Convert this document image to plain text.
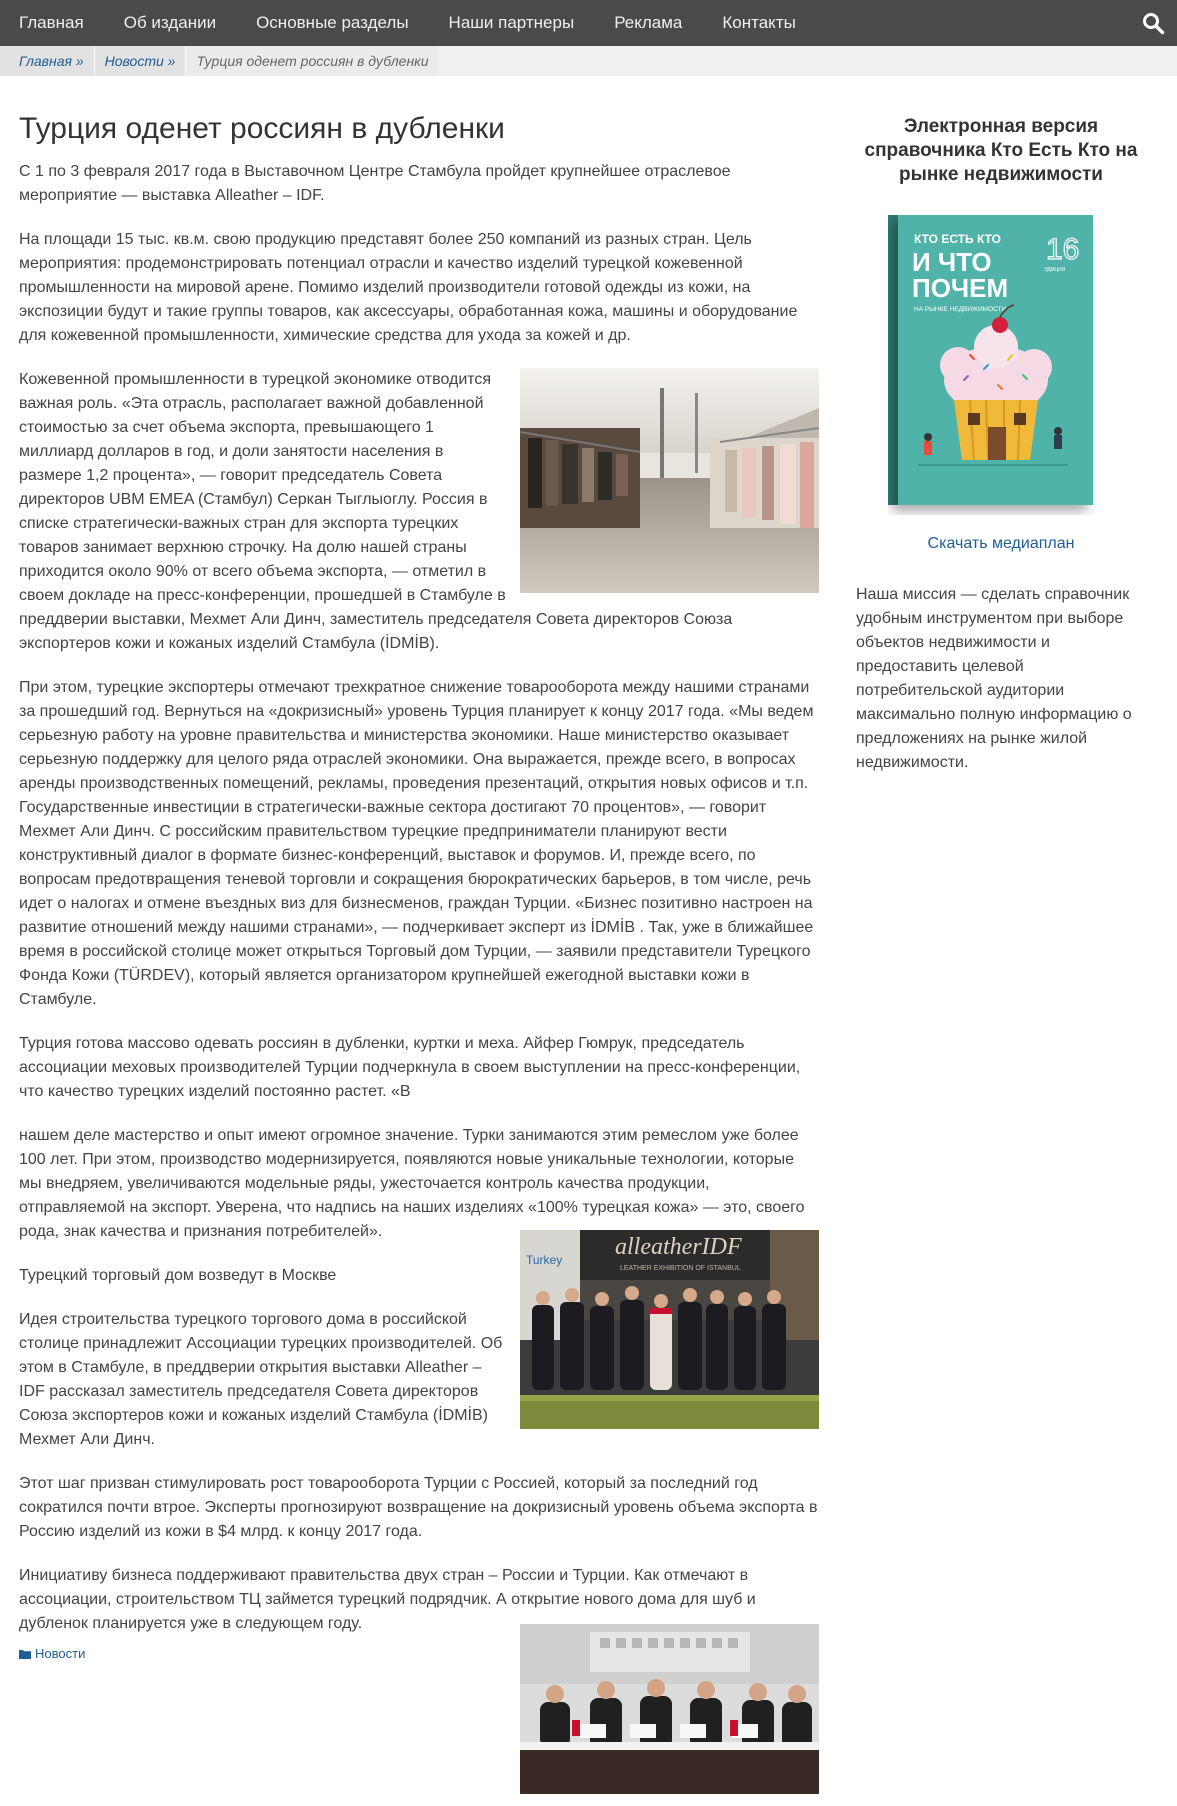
Главная	Об издании	Основные разделы	Наши партнеры	Реклама	Контакты
Главная »	Новости »	Турция оденет россиян в дубленки
Турция оденет россиян в дубленки

С 1 по 3 февраля 2017 года в Выставочном Центре Стамбула пройдет крупнейшее отраслевое мероприятие — выставка Alleather – IDF.

На площади 15 тыс. кв.м. свою продукцию представят более 250 компаний из разных стран. Цель мероприятия: продемонстрировать потенциал отрасли и качество изделий турецкой кожевенной промышленности на мировой арене. Помимо изделий производители готовой одежды из кожи, на экспозиции будут и такие группы товаров, как аксессуары, обработанная кожа, машины и оборудование для кожевенной промышленности, химические средства для ухода за кожей и др.

Кожевенной промышленности в турецкой экономике отводится важная роль. «Эта отрасль, располагает важной добавленной стоимостью за счет объема экспорта, превышающего 1 миллиард долларов в год, и доли занятости населения в размере 1,2 процента», — говорит председатель Совета директоров UBM EMEA (Стамбул) Серкан Тыглыоглу. Россия в списке стратегически-важных стран для экспорта турецких товаров занимает верхнюю строчку. На долю нашей страны приходится около 90% от всего объема экспорта, — отметил в своем докладе на пресс-конференции, прошедшей в Стамбуле в преддверии выставки, Мехмет Али Динч, заместитель председателя Совета директоров Союза экспортеров кожи и кожаных изделий Стамбула (İDMİB).

При этом, турецкие экспортеры отмечают трехкратное снижение товарооборота между нашими странами за прошедший год. Вернуться на «докризисный» уровень Турция планирует к концу 2017 года. «Мы ведем серьезную работу на уровне правительства и министерства экономики. Наше министерство оказывает серьезную поддержку для целого ряда отраслей экономики. Она выражается, прежде всего, в вопросах аренды производственных помещений, рекламы, проведения презентаций, открытия новых офисов и т.п. Государственные инвестиции в стратегически-важные сектора достигают 70 процентов», — говорит Мехмет Али Динч. С российским правительством турецкие предприниматели планируют вести конструктивный диалог в формате бизнес-конференций, выставок и форумов. И, прежде всего, по вопросам предотвращения теневой торговли и сокращения бюрократических барьеров, в том числе, речь идет о налогах и отмене въездных виз для бизнесменов, граждан Турции. «Бизнес позитивно настроен на развитие отношений между нашими странами», — подчеркивает эксперт из İDMİB . Так, уже в ближайшее время в российской столице может открыться Торговый дом Турции, — заявили представители Турецкого Фонда Кожи (TÜRDEV), который является организатором крупнейшей ежегодной выставки кожи в Стамбуле.

Турция готова массово одевать россиян в дубленки, куртки и меха. Айфер Гюмрук, председатель ассоциации меховых производителей Турции подчеркнула в своем выступлении на пресс-конференции, что качество турецких изделий постоянно растет. «В

нашем деле мастерство и опыт имеют огромное значение. Турки занимаются этим ремеслом уже более 100 лет. При этом, производство модернизируется, появляются новые уникальные технологии, которые мы внедряем, увеличиваются модельные ряды, ужесточается контроль качества продукции, отправляемой на экспорт. Уверена, что надпись на наших изделиях «100% турецкая кожа» — это, своего рода, знак качества и признания потребителей».

Turkey alleatherIDF
LEATHER EXHIBITION OF ISTANBUL

Турецкий торговый дом возведут в Москве

Идея строительства турецкого торгового дома в российской столице принадлежит Ассоциации турецких производителей. Об этом в Стамбуле, в преддверии открытия выставки Alleather – IDF рассказал заместитель председателя Совета директоров Союза экспортеров кожи и кожаных изделий Стамбула (İDMİB) Мехмет Али Динч.

Этот шаг призван стимулировать рост товарооборота Турции с Россией, который за последний год сократился почти втрое. Эксперты прогнозируют возвращение на докризисный уровень объема экспорта в Россию изделий из кожи в $4 млрд. к концу 2017 года.

Инициативу бизнеса поддерживают правительства двух стран – России и Турции. Как отмечают в ассоциации, строительством ТЦ займется турецкий подрядчик. А открытие нового дома для шуб и дубленок планируется уже в следующем году.

Новости
Электронная версия справочника Кто Есть Кто на рынке недвижимости
КТО ЕСТЬ КТО
И ЧТО
ПОЧЕМ
НА РЫНКЕ НЕДВИЖИМОСТИ
16
ЭДИЦИЯ
Скачать медиаплан

Наша миссия — сделать справочник удобным инструментом при выборе объектов недвижимости и предоставить целевой потребительской аудитории максимально полную информацию о предложениях на рынке жилой недвижимости.
